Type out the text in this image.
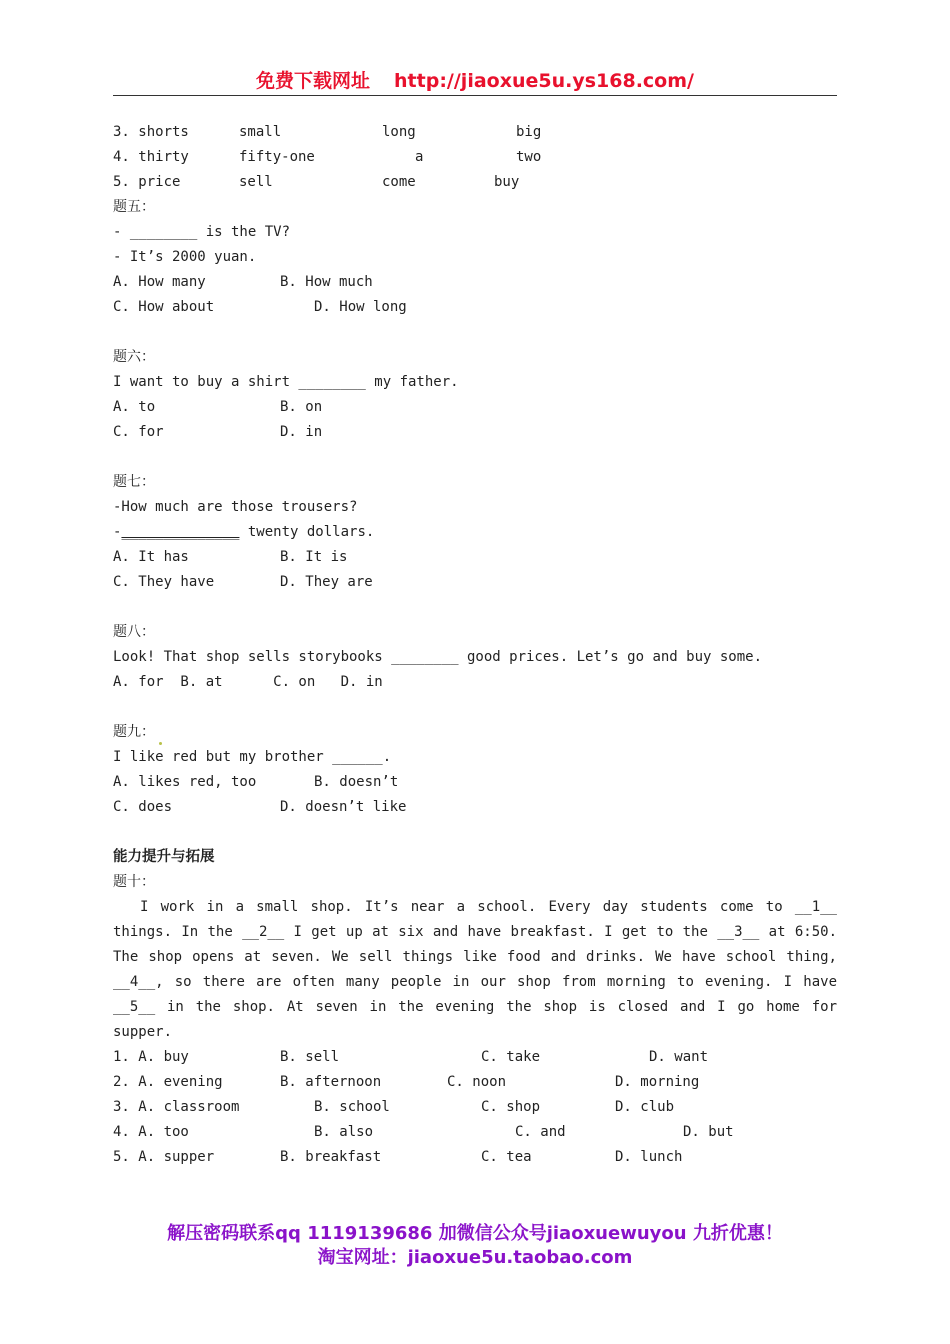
免费下载网址 http://jiaoxue5u.ys168.com/
3. shorts	small	long	big
4. thirty	fifty-one	a	two
5. price	sell	come	buy
题五：
- ________ is the TV?
- It’s 2000 yuan.
A. How many	B. How much
C. How about	D. How long
题六：
I want to buy a shirt ________ my father.
A. to	B. on
C. for	D. in
题七：
-How much are those trousers?
-______________ twenty dollars.
A. It has	B. It is
C. They have	D. They are
题八：
Look! That shop sells storybooks ________ good prices. Let’s go and buy some.
A. for  B. at      C. on   D. in
题九：
I like red but my brother ______.
A. likes red, too	B. doesn’t
C. does	D. doesn’t like
能力提升与拓展
题十：
I work in a small shop. It’s near a school. Every day students come to __1__
things. In the __2__ I get up at six and have breakfast. I get to the __3__ at 6:50.
The shop opens at seven. We sell things like food and drinks. We have school thing,
__4__, so there are often many people in our shop from morning to evening. I have
__5__ in the shop. At seven in the evening the shop is closed and I go home for
supper.
1. A. buy	B. sell	C. take	D. want
2. A. evening	B. afternoon	C. noon	D. morning
3. A. classroom	B. school	C. shop	D. club
4. A. too	B. also	C. and	D. but
5. A. supper	B. breakfast	C. tea	D. lunch
解压密码联系qq 1119139686 加微信公众号jiaoxuewuyou 九折优惠！
淘宝网址：jiaoxue5u.taobao.com
